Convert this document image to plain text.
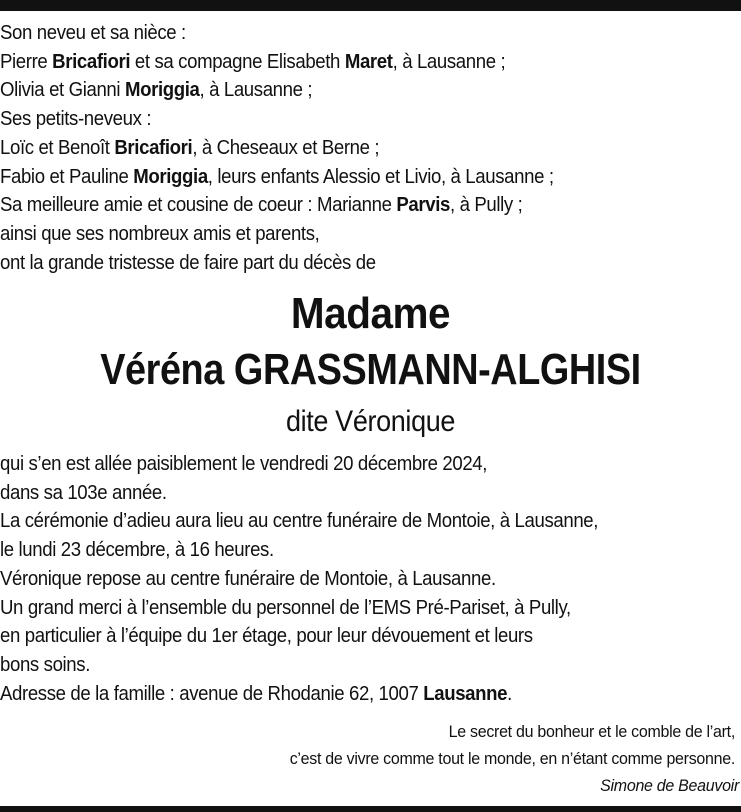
Son neveu et sa nièce :
Pierre Bricafiori et sa compagne Elisabeth Maret, à Lausanne ;
Olivia et Gianni Moriggia, à Lausanne ;
Ses petits-neveux :
Loïc et Benoît Bricafiori, à Cheseaux et Berne ;
Fabio et Pauline Moriggia, leurs enfants Alessio et Livio, à Lausanne ;
Sa meilleure amie et cousine de coeur : Marianne Parvis, à Pully ;
ainsi que ses nombreux amis et parents,
ont la grande tristesse de faire part du décès de
Madame
Véréna GRASSMANN-ALGHISI
dite Véronique
qui s’en est allée paisiblement le vendredi 20 décembre 2024,
dans sa 103e année.
La cérémonie d’adieu aura lieu au centre funéraire de Montoie, à Lausanne,
le lundi 23 décembre, à 16 heures.
Véronique repose au centre funéraire de Montoie, à Lausanne.
Un grand merci à l’ensemble du personnel de l’EMS Pré-Pariset, à Pully,
en particulier à l’équipe du 1er étage, pour leur dévouement et leurs
bons soins.
Adresse de la famille : avenue de Rhodanie 62, 1007 Lausanne.
Le secret du bonheur et le comble de l’art,
c’est de vivre comme tout le monde, en n’étant comme personne.
Simone de Beauvoir
